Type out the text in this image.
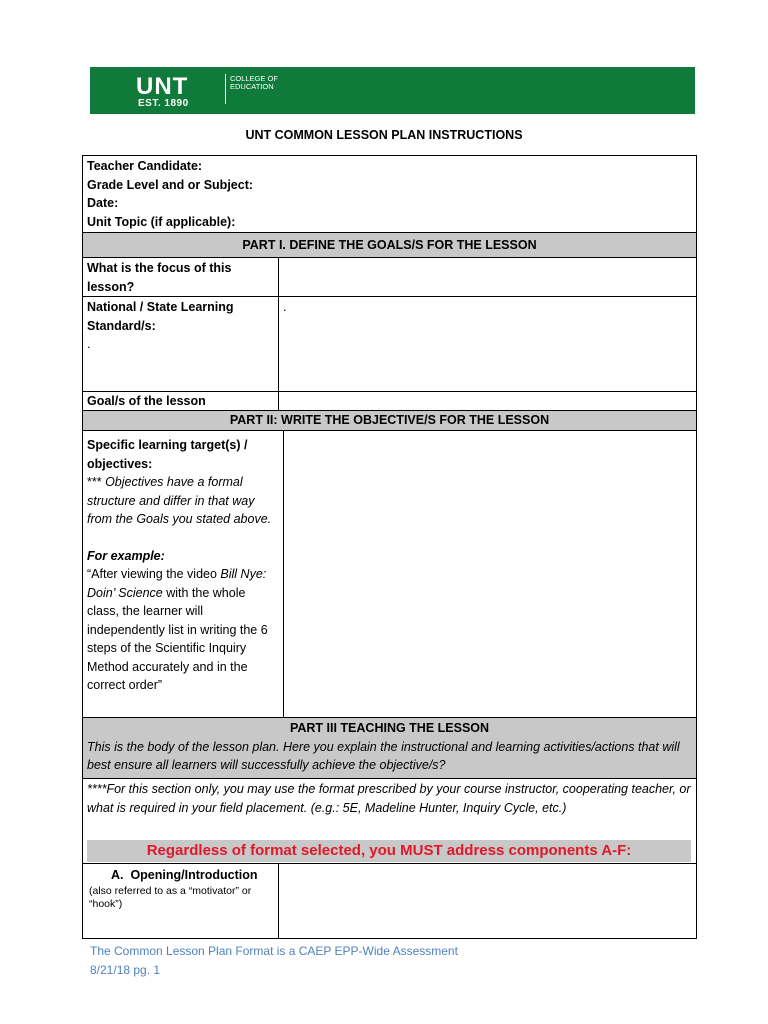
UNT
EST. 1890
COLLEGE OF
EDUCATION
UNT COMMON LESSON PLAN INSTRUCTIONS
Teacher Candidate:
Grade Level and or Subject:
Date:
Unit Topic (if applicable):
PART I. DEFINE THE GOALS/S FOR THE LESSON
What is the focus of this lesson?
National / State Learning Standard/s:
.
.
Goal/s of the lesson
PART II: WRITE THE OBJECTIVE/S FOR THE LESSON
Specific learning target(s) / objectives:
*** Objectives have a formal structure and differ in that way from the Goals you stated above.
For example:
“After viewing the video Bill Nye: Doin’ Science with the whole class, the learner will independently list in writing the 6 steps of the Scientific Inquiry Method accurately and in the correct order”
PART III TEACHING THE LESSON
This is the body of the lesson plan. Here you explain the instructional and learning activities/actions that will best ensure all learners will successfully achieve the objective/s?
****For this section only, you may use the format prescribed by your course instructor, cooperating teacher, or what is required in your field placement. (e.g.: 5E, Madeline Hunter, Inquiry Cycle, etc.)
Regardless of format selected, you MUST address components A-F:
A. Opening/Introduction
(also referred to as a “motivator” or “hook”)
The Common Lesson Plan Format is a CAEP EPP-Wide Assessment
8/21/18 pg. 1
